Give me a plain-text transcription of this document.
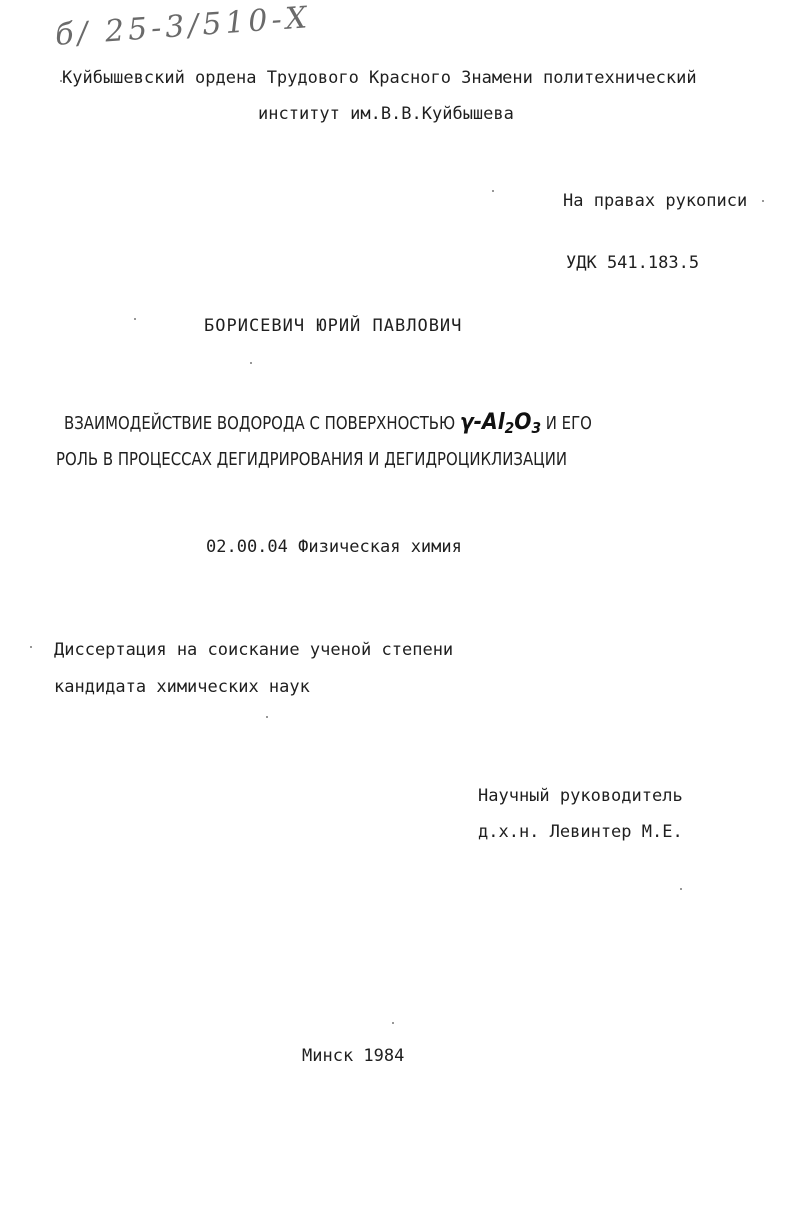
б/ 25-3/510-Х
Куйбышевский ордена Трудового Красного Знамени политехнический
институт им.В.В.Куйбышева
На правах рукописи
УДК 541.183.5
БОРИСЕВИЧ ЮРИЙ ПАВЛОВИЧ
ВЗАИМОДЕЙСТВИЕ ВОДОРОДА С ПОВЕРХНОСТЬЮ $\gamma-Al_2O_3$ И ЕГО
РОЛЬ В ПРОЦЕССАХ ДЕГИДРИРОВАНИЯ И ДЕГИДРОЦИКЛИЗАЦИИ
02.00.04 Физическая химия
Диссертация на соискание ученой степени
кандидата химических наук
Научный руководитель
д.х.н. Левинтер М.Е.
Минск 1984
